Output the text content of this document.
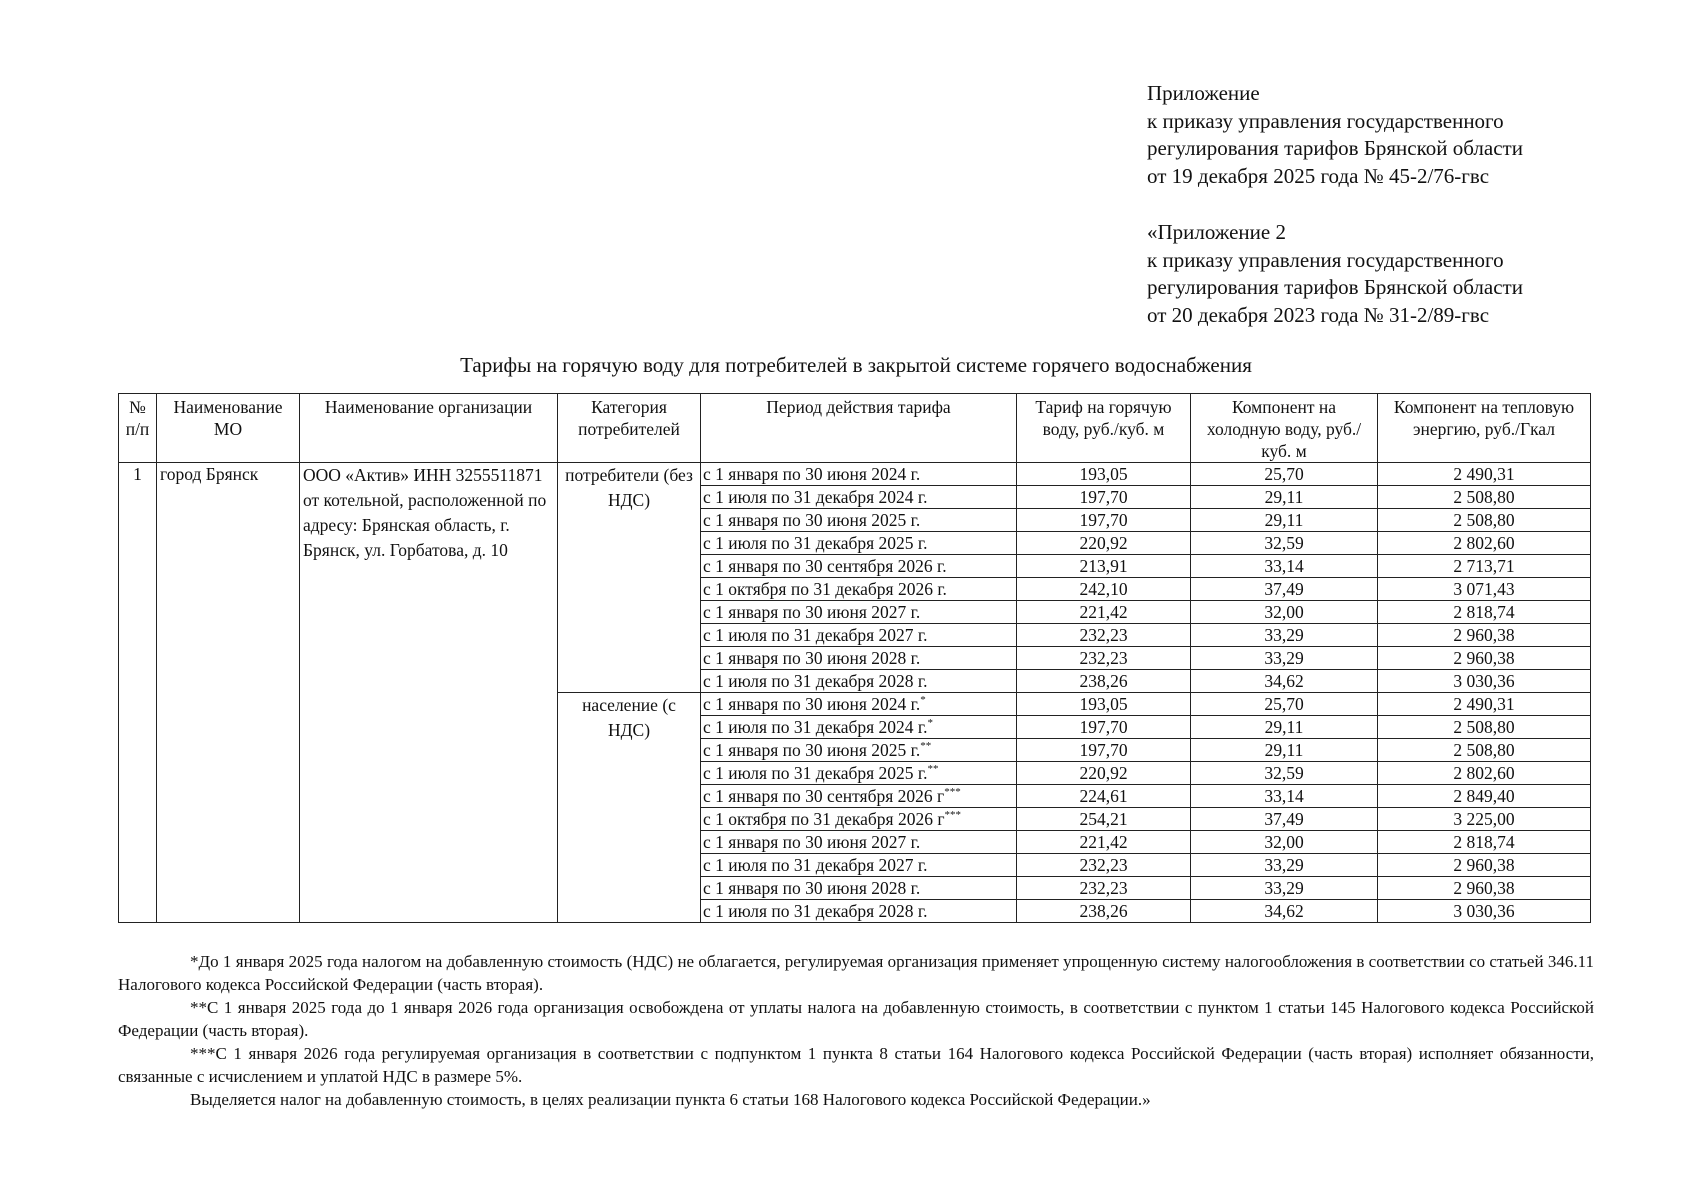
Приложение
к приказу управления государственного
регулирования тарифов Брянской области
от 19 декабря 2025 года № 45-2/76-гвс
«Приложение 2
к приказу управления государственного
регулирования тарифов Брянской области
от 20 декабря 2023 года № 31-2/89-гвс
Тарифы на горячую воду для потребителей в закрытой системе горячего водоснабжения
№ п/п	Наименование МО	Наименование организации	Категория потребителей	Период действия тарифа	Тариф на горячую воду, руб./куб. м	Компонент на холодную воду, руб./куб. м	Компонент на тепловую энергию, руб./Гкал
1	город Брянск	ООО «Актив» ИНН 3255511871 от котельной, расположенной по адресу: Брянская область, г. Брянск, ул. Горбатова, д. 10	потребители (без НДС)	с 1 января по 30 июня 2024 г.	193,05	25,70	2 490,31
				с 1 июля по 31 декабря 2024 г.	197,70	29,11	2 508,80
				с 1 января по 30 июня 2025 г.	197,70	29,11	2 508,80
				с 1 июля по 31 декабря 2025 г.	220,92	32,59	2 802,60
				с 1 января по 30 сентября 2026 г.	213,91	33,14	2 713,71
				с 1 октября по 31 декабря 2026 г.	242,10	37,49	3 071,43
				с 1 января по 30 июня 2027 г.	221,42	32,00	2 818,74
				с 1 июля по 31 декабря 2027 г.	232,23	33,29	2 960,38
				с 1 января по 30 июня 2028 г.	232,23	33,29	2 960,38
				с 1 июля по 31 декабря 2028 г.	238,26	34,62	3 030,36
			население (с НДС)	с 1 января по 30 июня 2024 г.*	193,05	25,70	2 490,31
				с 1 июля по 31 декабря 2024 г.*	197,70	29,11	2 508,80
				с 1 января по 30 июня 2025 г.**	197,70	29,11	2 508,80
				с 1 июля по 31 декабря 2025 г.**	220,92	32,59	2 802,60
				с 1 января по 30 сентября 2026 г***	224,61	33,14	2 849,40
				с 1 октября по 31 декабря 2026 г***	254,21	37,49	3 225,00
				с 1 января по 30 июня 2027 г.	221,42	32,00	2 818,74
				с 1 июля по 31 декабря 2027 г.	232,23	33,29	2 960,38
				с 1 января по 30 июня 2028 г.	232,23	33,29	2 960,38
				с 1 июля по 31 декабря 2028 г.	238,26	34,62	3 030,36

*До 1 января 2025 года налогом на добавленную стоимость (НДС) не облагается, регулируемая организация применяет упрощенную систему налогообложения в соответствии со статьей 346.11 Налогового кодекса Российской Федерации (часть вторая).

**С 1 января 2025 года до 1 января 2026 года организация освобождена от уплаты налога на добавленную стоимость, в соответствии с пунктом 1 статьи 145 Налогового кодекса Российской Федерации (часть вторая).

***С 1 января 2026 года регулируемая организация в соответствии с подпунктом 1 пункта 8 статьи 164 Налогового кодекса Российской Федерации (часть вторая) исполняет обязанности, связанные с исчислением и уплатой НДС в размере 5%.

Выделяется налог на добавленную стоимость, в целях реализации пункта 6 статьи 168 Налогового кодекса Российской Федерации.»
